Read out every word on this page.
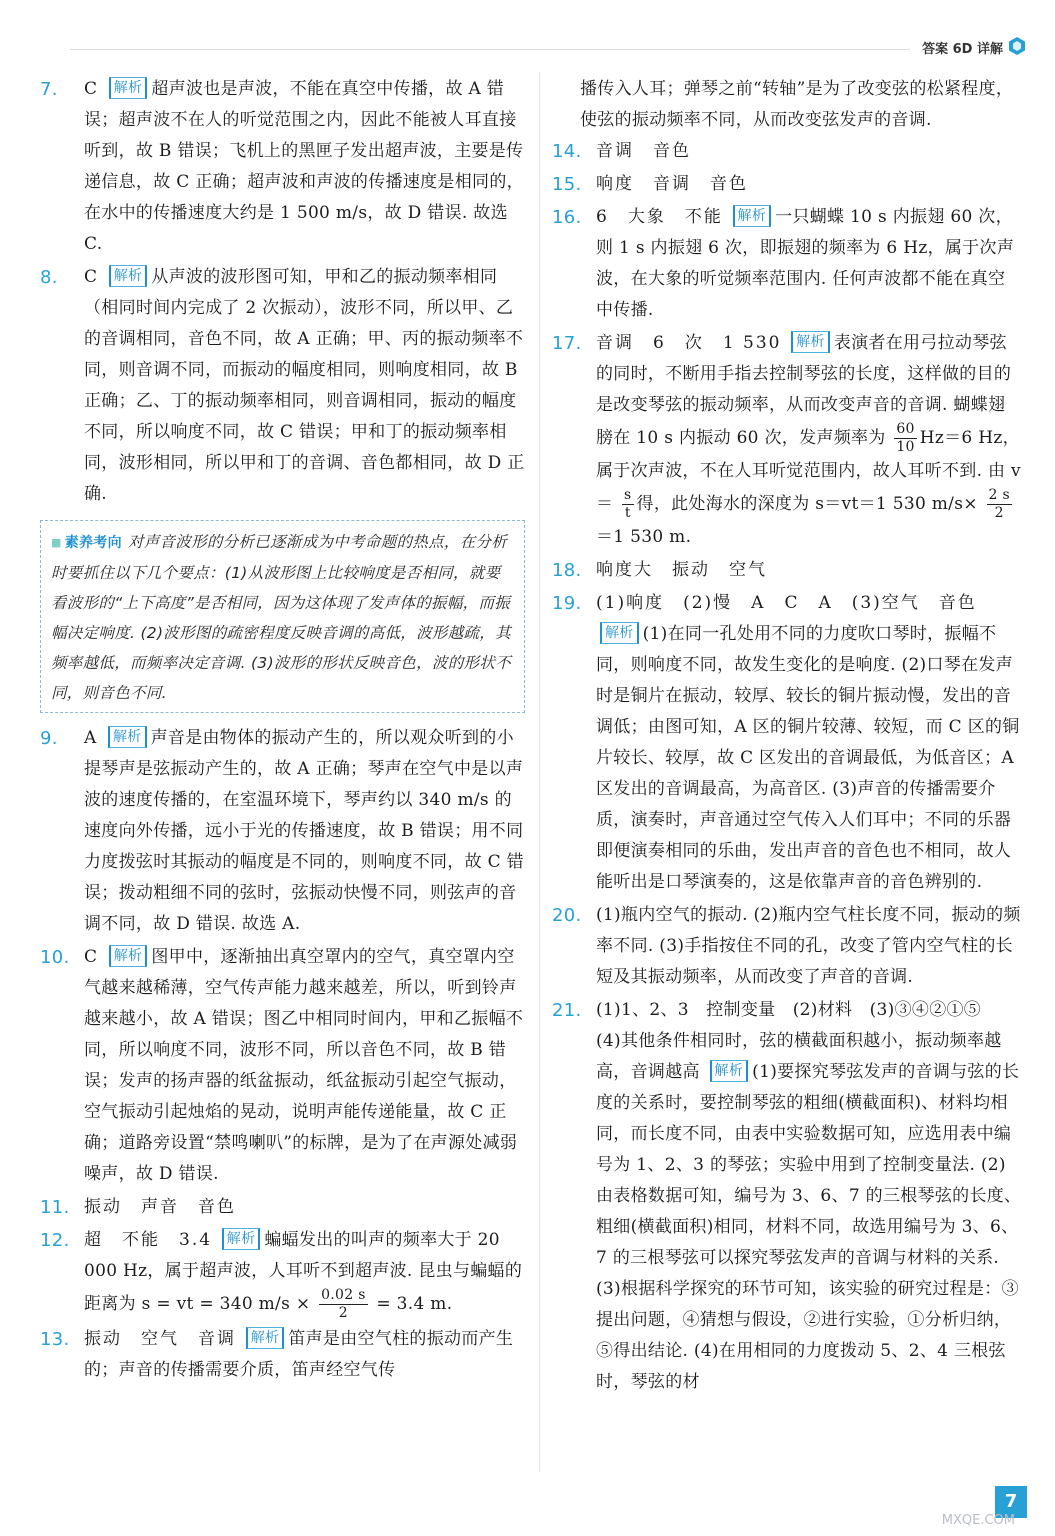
答案 6D 详解
7. C 解析 超声波也是声波，不能在真空中传播，故 A 错误；超声波不在人的听觉范围之内，因此不能被人耳直接听到，故 B 错误；飞机上的黑匣子发出超声波，主要是传递信息，故 C 正确；超声波和声波的传播速度是相同的，在水中的传播速度大约是 1 500 m/s，故 D 错误. 故选 C.
8. C 解析 从声波的波形图可知，甲和乙的振动频率相同（相同时间内完成了 2 次振动），波形不同，所以甲、乙的音调相同，音色不同，故 A 正确；甲、丙的振动频率不同，则音调不同，而振动的幅度相同，则响度相同，故 B 正确；乙、丁的振动频率相同，则音调相同，振动的幅度不同，所以响度不同，故 C 错误；甲和丁的振动频率相同，波形相同，所以甲和丁的音调、音色都相同，故 D 正确.
■ 素养考向 对声音波形的分析已逐渐成为中考命题的热点，在分析时要抓住以下几个要点：(1)从波形图上比较响度是否相同，就要看波形的“上下高度”是否相同，因为这体现了发声体的振幅，而振幅决定响度. (2)波形图的疏密程度反映音调的高低，波形越疏，其频率越低，而频率决定音调. (3)波形的形状反映音色，波的形状不同，则音色不同.
9. A 解析 声音是由物体的振动产生的，所以观众听到的小提琴声是弦振动产生的，故 A 正确；琴声在空气中是以声波的速度传播的，在室温环境下，琴声约以 340 m/s 的速度向外传播，远小于光的传播速度，故 B 错误；用不同力度拨弦时其振动的幅度是不同的，则响度不同，故 C 错误；拨动粗细不同的弦时，弦振动快慢不同，则弦声的音调不同，故 D 错误. 故选 A.
10. C 解析 图甲中，逐渐抽出真空罩内的空气，真空罩内空气越来越稀薄，空气传声能力越来越差，所以，听到铃声越来越小，故 A 错误；图乙中相同时间内，甲和乙振幅不同，所以响度不同，波形不同，所以音色不同，故 B 错误；发声的扬声器的纸盆振动，纸盆振动引起空气振动，空气振动引起烛焰的晃动，说明声能传递能量，故 C 正确；道路旁设置“禁鸣喇叭”的标牌，是为了在声源处减弱噪声，故 D 错误.
11. 振动　声音　音色
12. 超　不能　3.4 解析 蝙蝠发出的叫声的频率大于 20 000 Hz，属于超声波，人耳听不到超声波. 昆虫与蝙蝠的距离为 s = vt = 340 $m/s \times \frac{0.02 s}{2} = 3.4$ m.
13. 振动　空气　音调 解析 笛声是由空气柱的振动而产生的；声音的传播需要介质，笛声经空气传
播传入人耳；弹琴之前“转轴”是为了改变弦的松紧程度，使弦的振动频率不同，从而改变弦发声的音调.
14. 音调　音色
15. 响度　音调　音色
16. 6　大象　不能 解析 一只蝴蝶 10 s 内振翅 60 次，则 1 s 内振翅 6 次，即振翅的频率为 6 Hz，属于次声波，在大象的听觉频率范围内. 任何声波都不能在真空中传播.
17. 音调　6　次　1 530 解析 表演者在用弓拉动琴弦的同时，不断用手指去控制琴弦的长度，这样做的目的是改变琴弦的振动频率，从而改变声音的音调. 蝴蝶翅膀在 10 s 内振动 60 次，发声频率为 $\frac{60}{10} Hz=6$ Hz，属于次声波，不在人耳听觉范围内，故人耳听不到. 由 $v= \frac{s}{t}$ 得，此处海水的深度为 s＝vt＝1 530 $m/s\times \frac{2 s}{2}$
＝1 530 m.
18. 响度大　振动　空气
19. (1)响度　(2)慢　A　C　A　(3)空气　音色
解析 (1)在同一孔处用不同的力度吹口琴时，振幅不同，则响度不同，故发生变化的是响度. (2)口琴在发声时是铜片在振动，较厚、较长的铜片振动慢，发出的音调低；由图可知，A 区的铜片较薄、较短，而 C 区的铜片较长、较厚，故 C 区发出的音调最低，为低音区；A 区发出的音调最高，为高音区. (3)声音的传播需要介质，演奏时，声音通过空气传入人们耳中；不同的乐器即便演奏相同的乐曲，发出声音的音色也不相同，故人能听出是口琴演奏的，这是依靠声音的音色辨别的.
20. (1)瓶内空气的振动. (2)瓶内空气柱长度不同，振动的频率不同. (3)手指按住不同的孔，改变了管内空气柱的长短及其振动频率，从而改变了声音的音调.
21. (1)1、2、3　控制变量　(2)材料　(3)③④②①⑤
(4)其他条件相同时，弦的横截面积越小，振动频率越高，音调越高 解析 (1)要探究琴弦发声的音调与弦的长度的关系时，要控制琴弦的粗细(横截面积)、材料均相同，而长度不同，由表中实验数据可知，应选用表中编号为 1、2、3 的琴弦；实验中用到了控制变量法. (2)由表格数据可知，编号为 3、6、7 的三根琴弦的长度、粗细(横截面积)相同，材料不同，故选用编号为 3、6、7 的三根琴弦可以探究琴弦发声的音调与材料的关系. (3)根据科学探究的环节可知，该实验的研究过程是：③提出问题，④猜想与假设，②进行实验，①分析归纳，⑤得出结论. (4)在用相同的力度拨动 5、2、4 三根弦时，琴弦的材
7
MXQE.COM
